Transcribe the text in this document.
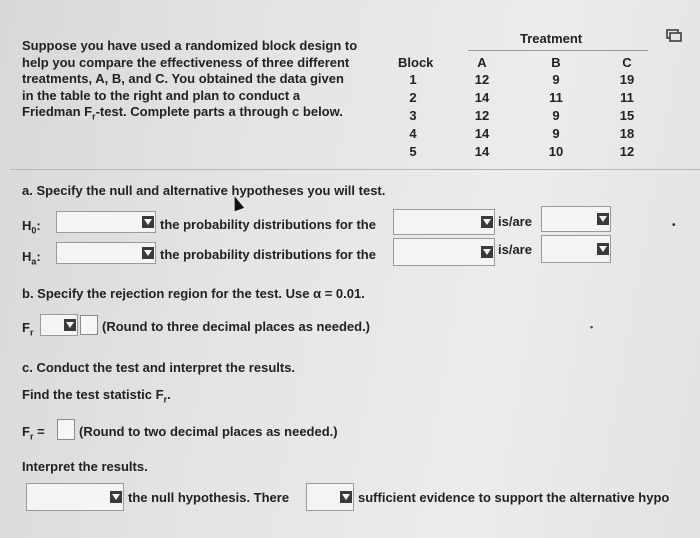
Suppose you have used a randomized block design to
help you compare the effectiveness of three different
treatments, A, B, and C. You obtained the data given
in the table to the right and plan to conduct a
Friedman $F_r$-test. Complete parts a through c below.
Treatment
Block	A	B	C
1	12	9	19
2	14	11	11
3	12	9	15
4	14	9	18
5	14	10	12
a. Specify the null and alternative hypotheses you will test.
$H_0$:	the probability distributions for the	is/are
$H_a$:	the probability distributions for the	is/are
•
b. Specify the rejection region for the test. Use α = 0.01.
$F_r$	(Round to three decimal places as needed.)	•
c. Conduct the test and interpret the results.
Find the test statistic $F_r$.
$F_r$ =	(Round to two decimal places as needed.)
Interpret the results.
the null hypothesis. There	sufficient evidence to support the alternative hypo
